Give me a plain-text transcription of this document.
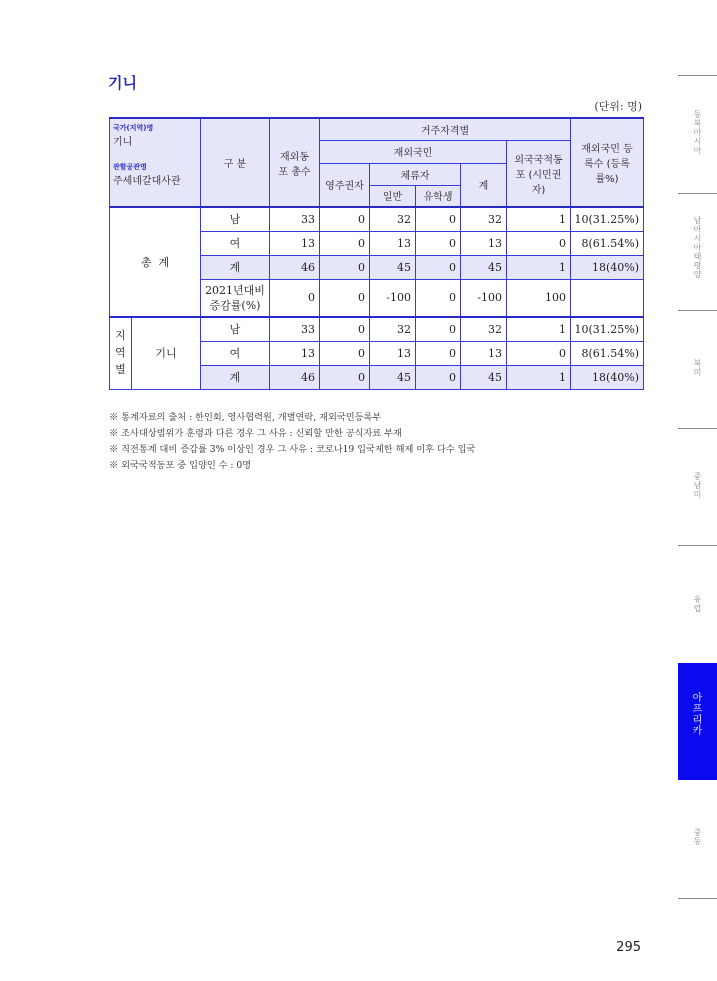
기니
(단위: 명)
국가(지역)명
기니
관할공관명
주세네갈대사관		구 분	재외동포 총수	거주자격별					재외국민 등록수 (등록률%)
				재외국민				외국국적동포 (시민권자)	
				영주권자	체류자		계		
					일반	유학생			
총  계		남	33	0	32	0	32	1	10(31.25%)
		여	13	0	13	0	13	0	8(61.54%)
		계	46	0	45	0	45	1	18(40%)
		2021년대비 증감률(%)	0	0	-100	0	-100	100	
지 역 별	기니	남	33	0	32	0	32	1	10(31.25%)
		여	13	0	13	0	13	0	8(61.54%)
		계	46	0	45	0	45	1	18(40%)
※ 통계자료의 출처 : 한인회, 영사협력원, 개별연락, 재외국민등록부
※ 조사대상범위가 훈령과 다른 경우 그 사유 : 신뢰할 만한 공식자료 부재
※ 직전통계 대비 증감률 3% 이상인 경우 그 사유 : 코로나19 입국제한 해제 이후 다수 입국
※ 외국국적동포 중 입양인 수 : 0명
동북아시아
남아시아태평양
북미
중남미
유럽
아프리카
중동
295
